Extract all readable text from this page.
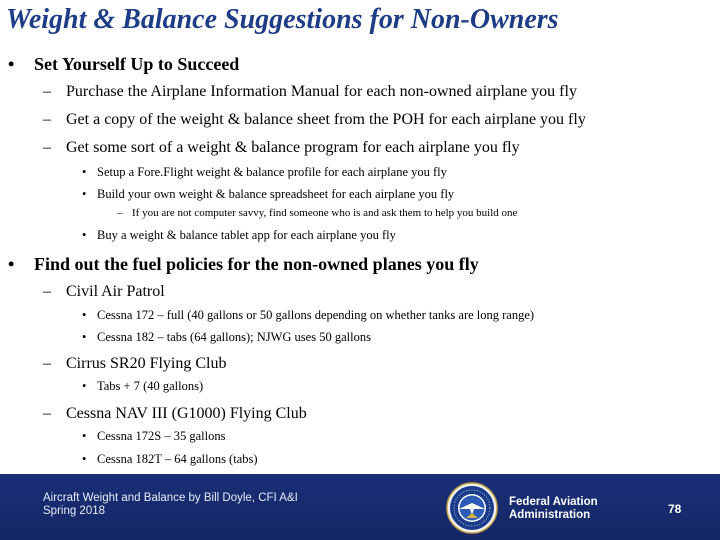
Weight & Balance Suggestions for Non-Owners
• Set Yourself Up to Succeed
– Purchase the Airplane Information Manual for each non-owned airplane you fly
– Get a copy of the weight & balance sheet from the POH for each airplane you fly
– Get some sort of a weight & balance program for each airplane you fly
• Setup a Fore.Flight weight & balance profile for each airplane you fly
• Build your own weight & balance spreadsheet for each airplane you fly
– If you are not computer savvy, find someone who is and ask them to help you build one
• Buy a weight & balance tablet app for each airplane you fly
• Find out the fuel policies for the non-owned planes you fly
– Civil Air Patrol
• Cessna 172 – full (40 gallons or 50 gallons depending on whether tanks are long range)
• Cessna 182 – tabs (64 gallons); NJWG uses 50 gallons
– Cirrus SR20 Flying Club
• Tabs + 7 (40 gallons)
– Cessna NAV III (G1000) Flying Club
• Cessna 172S – 35 gallons
• Cessna 182T – 64 gallons (tabs)
Aircraft Weight and Balance by Bill Doyle, CFI A&I
Spring 2018
Federal Aviation
Administration	78
